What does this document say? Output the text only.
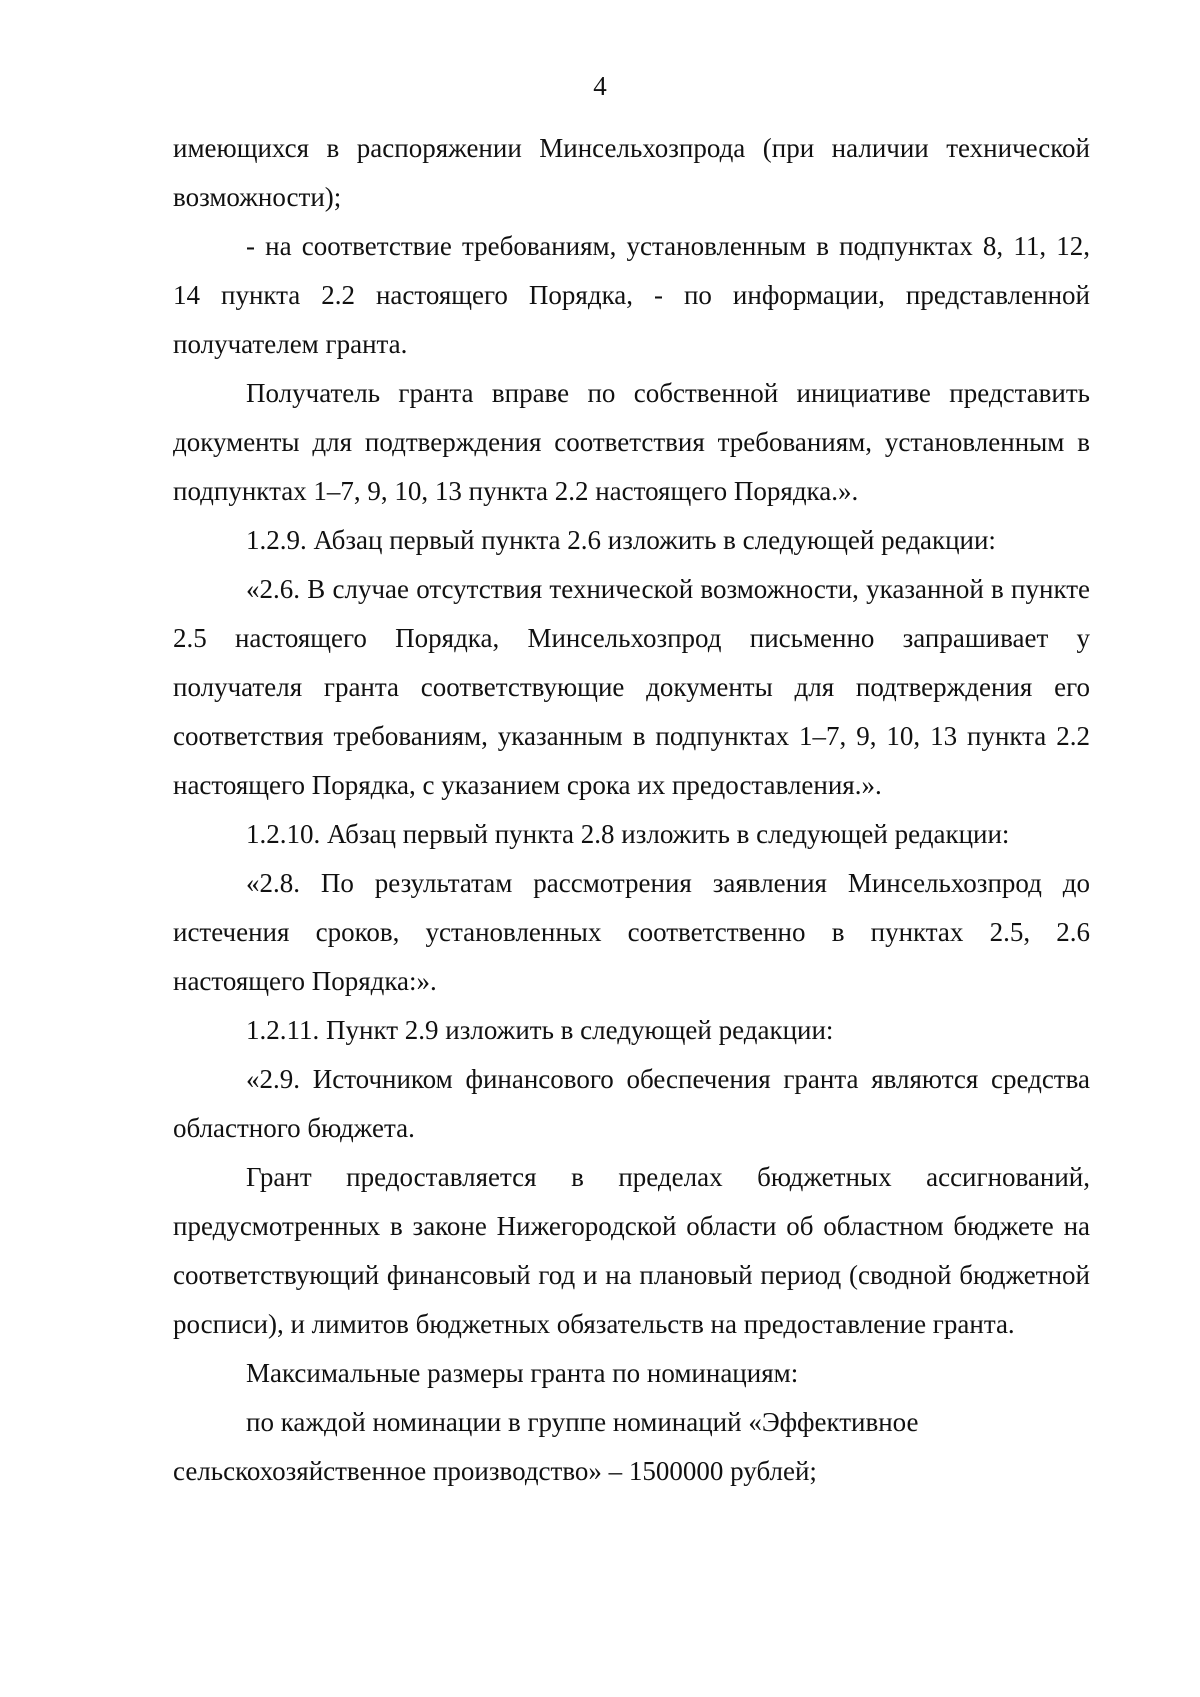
4

имеющихся в распоряжении Минсельхозпрода (при наличии технической возможности);

- на соответствие требованиям, установленным в подпунктах 8, 11, 12, 14 пункта 2.2 настоящего Порядка, - по информации, представленной получателем гранта.

Получатель гранта вправе по собственной инициативе представить документы для подтверждения соответствия требованиям, установленным в подпунктах 1–7, 9, 10, 13 пункта 2.2 настоящего Порядка.».

1.2.9. Абзац первый пункта 2.6 изложить в следующей редакции:

«2.6. В случае отсутствия технической возможности, указанной в пункте 2.5 настоящего Порядка, Минсельхозпрод письменно запрашивает у получателя гранта соответствующие документы для подтверждения его соответствия требованиям, указанным в подпунктах 1–7, 9, 10, 13 пункта 2.2 настоящего Порядка, с указанием срока их предоставления.».

1.2.10. Абзац первый пункта 2.8 изложить в следующей редакции:

«2.8. По результатам рассмотрения заявления Минсельхозпрод до истечения сроков, установленных соответственно в пунктах 2.5, 2.6 настоящего Порядка:».

1.2.11. Пункт 2.9 изложить в следующей редакции:

«2.9. Источником финансового обеспечения гранта являются средства областного бюджета.

Грант предоставляется в пределах бюджетных ассигнований, предусмотренных в законе Нижегородской области об областном бюджете на соответствующий финансовый год и на плановый период (сводной бюджетной росписи), и лимитов бюджетных обязательств на предоставление гранта.

Максимальные размеры гранта по номинациям:

по каждой номинации в группе номинаций «Эффективное сельскохозяйственное производство» – 1500000 рублей;
